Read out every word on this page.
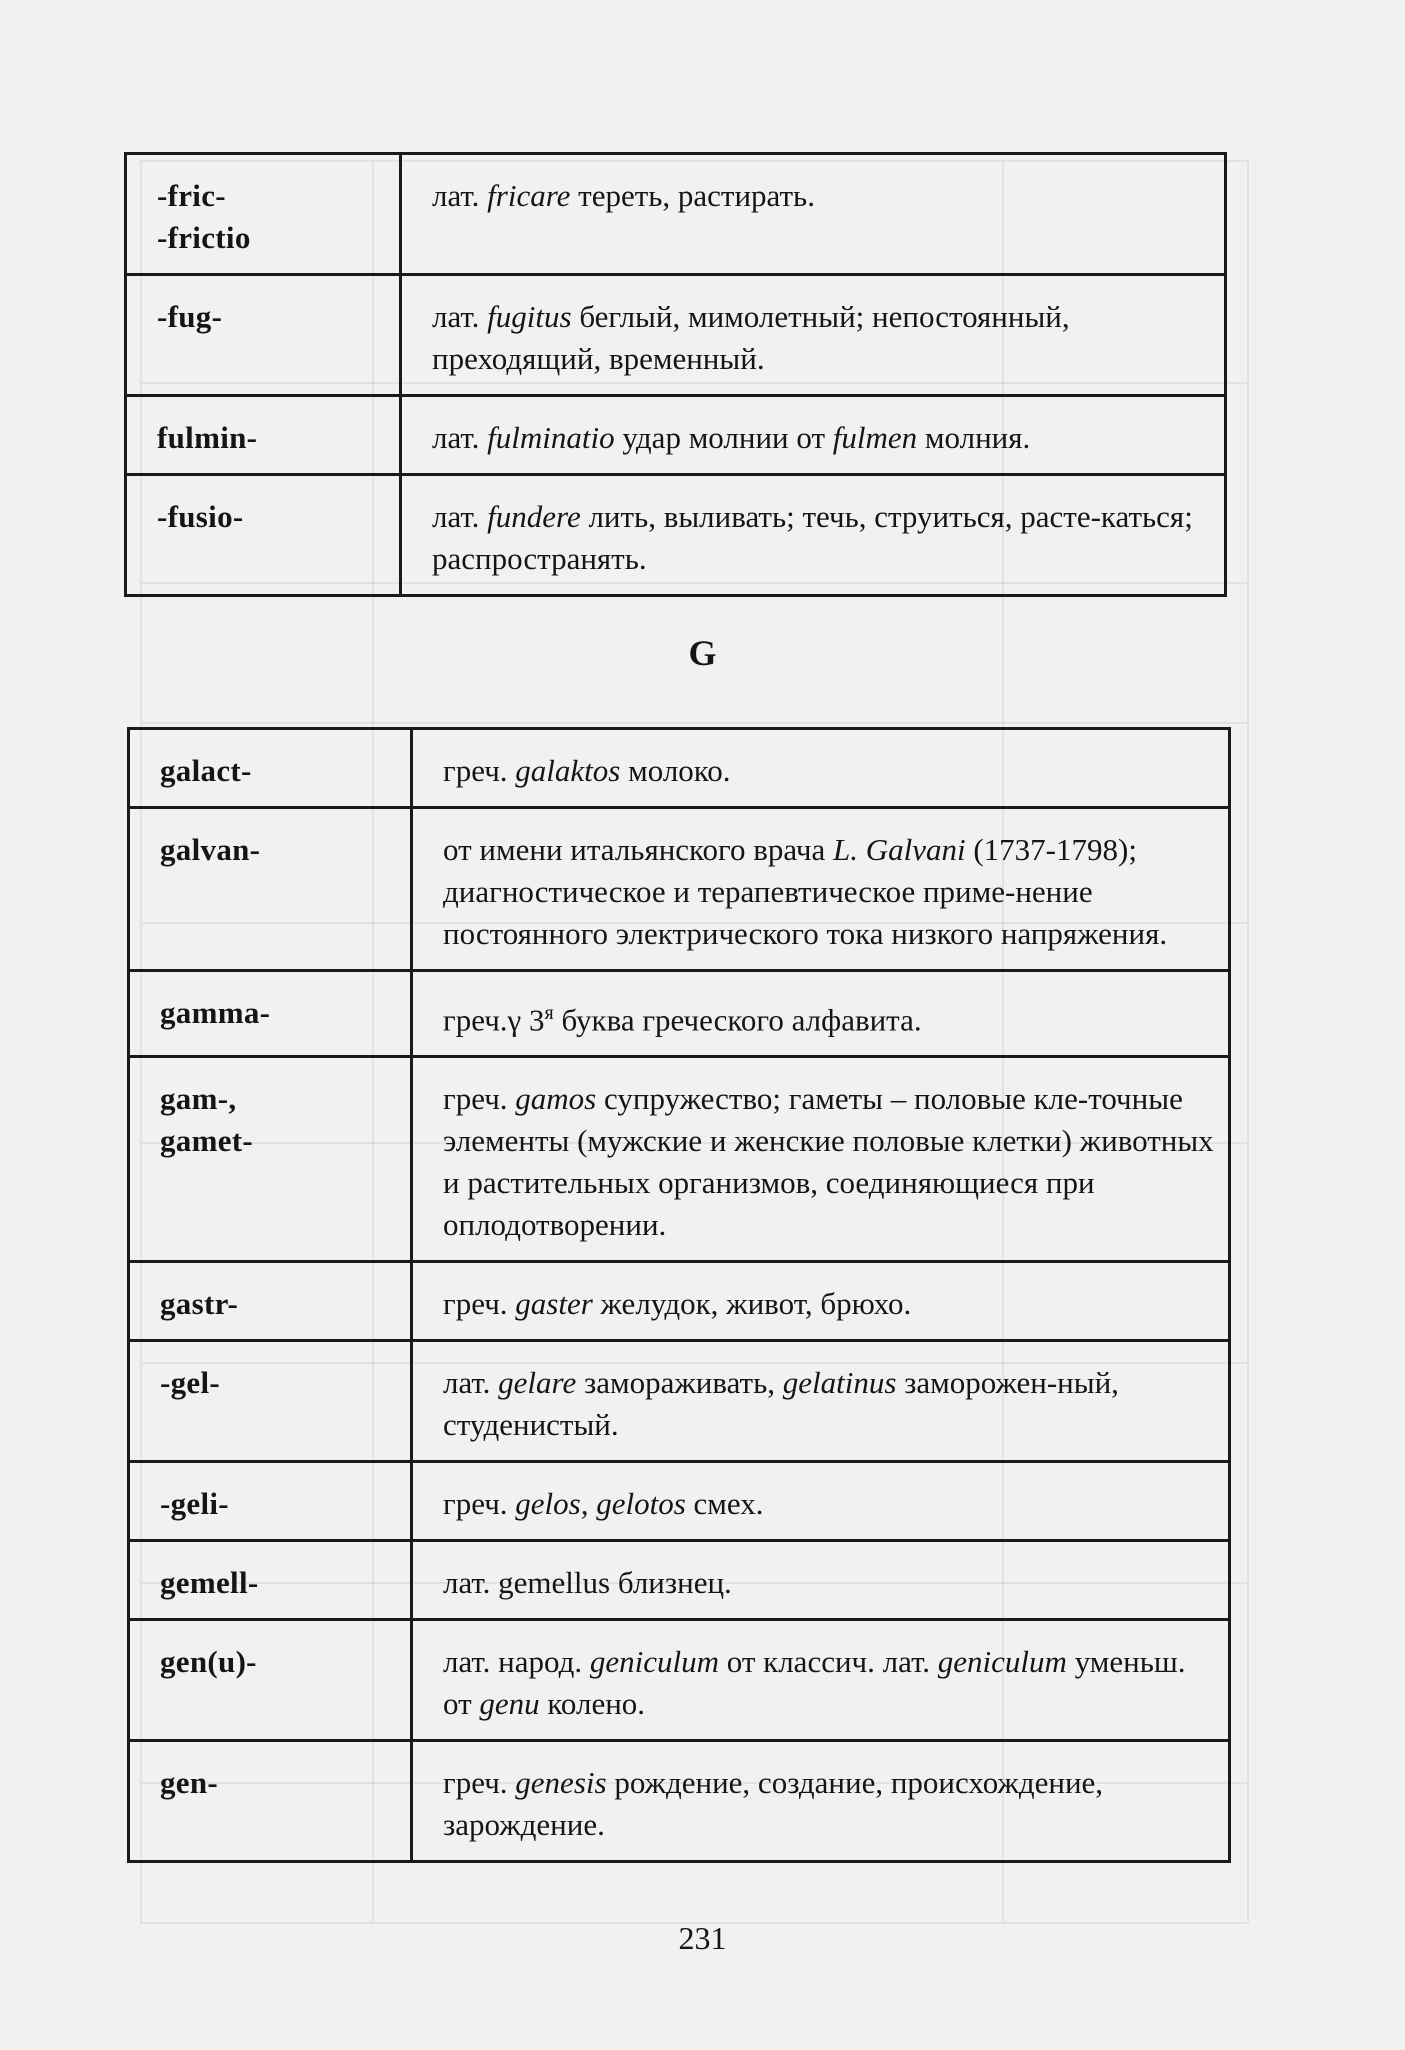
-fric-
-frictio	лат. fricare тереть, растирать.

-fug-	лат. fugitus беглый, мимолетный; непостоянный, преходящий, временный.

fulmin-	лат. fulminatio удар молнии от fulmen молния.

-fusio-	лат. fundere лить, выливать; течь, струиться, расте-каться; распространять.
G
galact-	греч. galaktos молоко.

galvan-	от имени итальянского врача L. Galvani (1737-1798); диагностическое и терапевтическое приме-нение постоянного электрического тока низкого напряжения.

gamma-	греч.γ $3^я$ буква греческого алфавита.

gam-,
gamet-	греч. gamos супружество; гаметы – половые кле-точные элементы (мужские и женские половые клетки) животных и растительных организмов, соединяющиеся при оплодотворении.

gastr-	греч. gaster желудок, живот, брюхо.

-gel-	лат. gelare замораживать, gelatinus заморожен-ный, студенистый.

-geli-	греч. gelos, gelotos смех.

gemell-	лат. gemellus близнец.

gen(u)-	лат. народ. geniculum от классич. лат. geniculum уменьш. от genu колено.

gen-	греч. genesis рождение, создание, происхождение, зарождение.
231
